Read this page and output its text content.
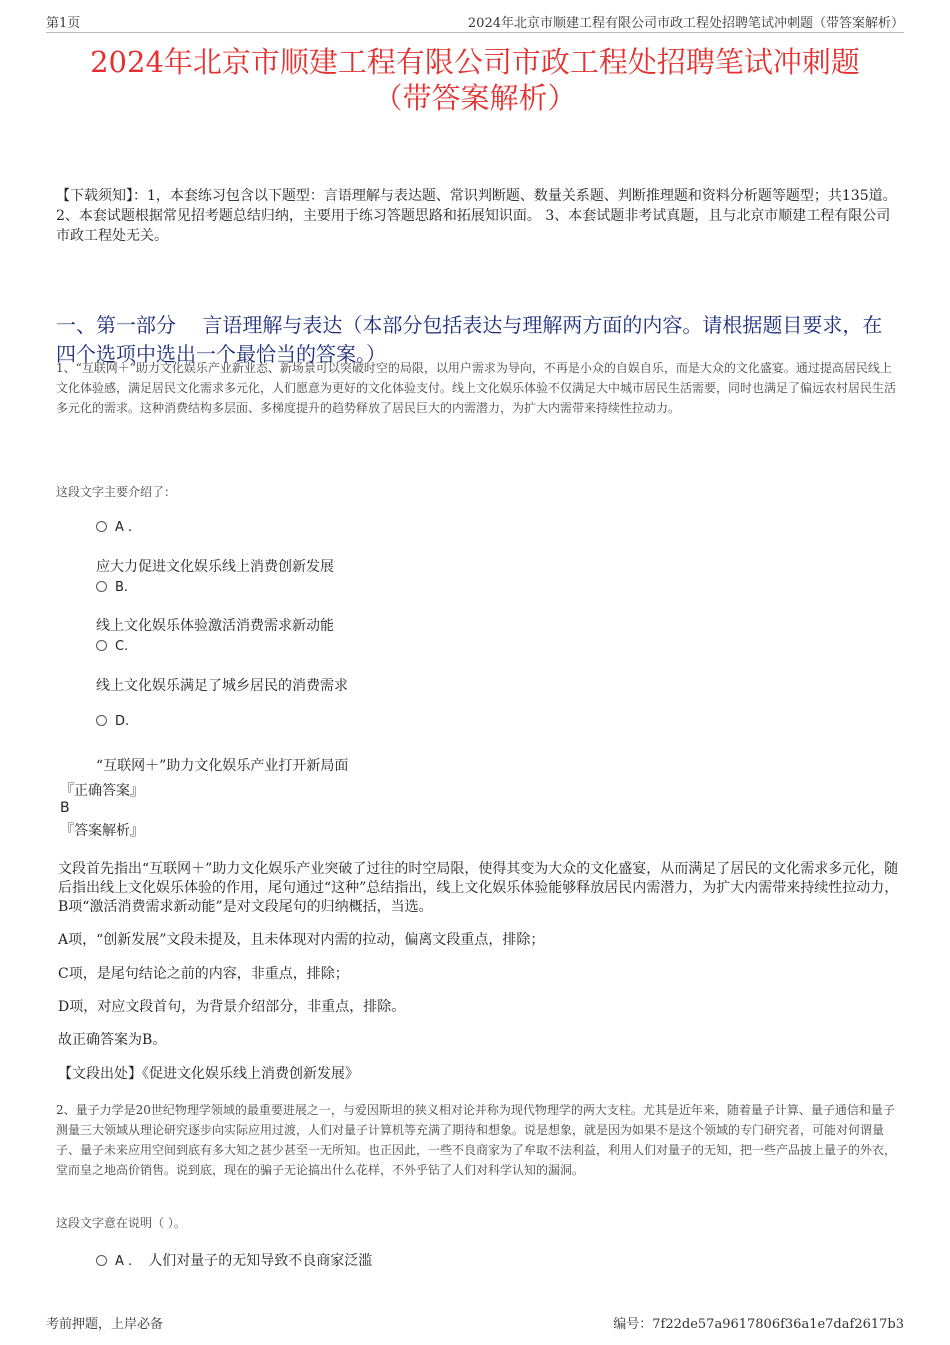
第1页	2024年北京市顺建工程有限公司市政工程处招聘笔试冲刺题（带答案解析）
2024年北京市顺建工程有限公司市政工程处招聘笔试冲刺题
（带答案解析）
【下载须知】：1，本套练习包含以下题型：言语理解与表达题、常识判断题、数量关系题、判断推理题和资料分析题等题型；共135道。 2、本套试题根据常见招考题总结归纳，主要用于练习答题思路和拓展知识面。 3、本套试题非考试真题，且与北京市顺建工程有限公司市政工程处无关。
一、第一部分　 言语理解与表达（本部分包括表达与理解两方面的内容。请根据题目要求，在四个选项中选出一个最恰当的答案。）
1、“互联网＋”助力文化娱乐产业新业态、新场景可以突破时空的局限，以用户需求为导向，不再是小众的自娱自乐，而是大众的文化盛宴。通过提高居民线上文化体验感，满足居民文化需求多元化，人们愿意为更好的文化体验支付。线上文化娱乐体验不仅满足大中城市居民生活需要，同时也满足了偏远农村居民生活多元化的需求。这种消费结构多层面、多梯度提升的趋势释放了居民巨大的内需潜力，为扩大内需带来持续性拉动力。
这段文字主要介绍了：
A .
应大力促进文化娱乐线上消费创新发展
B.
线上文化娱乐体验激活消费需求新动能
C.
线上文化娱乐满足了城乡居民的消费需求
D.
“互联网＋”助力文化娱乐产业打开新局面
『正确答案』
B
『答案解析』
文段首先指出“互联网＋”助力文化娱乐产业突破了过往的时空局限，使得其变为大众的文化盛宴，从而满足了居民的文化需求多元化，随后指出线上文化娱乐体验的作用，尾句通过“这种”总结指出，线上文化娱乐体验能够释放居民内需潜力，为扩大内需带来持续性拉动力，B项“激活消费需求新动能”是对文段尾句的归纳概括，当选。
A项，“创新发展”文段未提及，且未体现对内需的拉动，偏离文段重点，排除；
C项，是尾句结论之前的内容，非重点，排除；
D项，对应文段首句，为背景介绍部分，非重点，排除。
故正确答案为B。
【文段出处】《促进文化娱乐线上消费创新发展》
2、量子力学是20世纪物理学领域的最重要进展之一，与爱因斯坦的狭义相对论并称为现代物理学的两大支柱。尤其是近年来，随着量子计算、量子通信和量子测量三大领域从理论研究逐步向实际应用过渡，人们对量子计算机等充满了期待和想象。说是想象，就是因为如果不是这个领域的专门研究者，可能对何谓量子、量子未来应用空间到底有多大知之甚少甚至一无所知。也正因此，一些不良商家为了牟取不法利益，利用人们对量子的无知，把一些产品披上量子的外衣，堂而皇之地高价销售。说到底，现在的骗子无论搞出什么花样，不外乎钻了人们对科学认知的漏洞。
这段文字意在说明（ ）。
A . 人们对量子的无知导致不良商家泛滥
考前押题，上岸必备	编号：7f22de57a9617806f36a1e7daf2617b3
